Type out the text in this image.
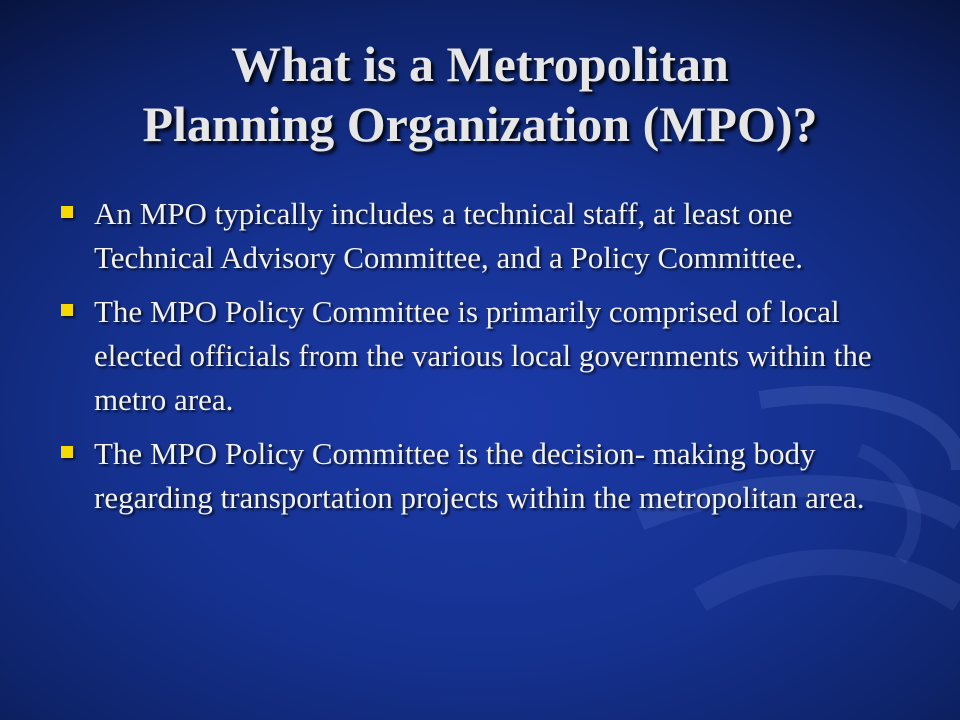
What is a Metropolitan
Planning Organization (MPO)?
An MPO typically includes a technical staff, at least one Technical Advisory Committee, and a Policy Committee.
The MPO Policy Committee is primarily comprised of local elected officials from the various local governments within the metro area.
The MPO Policy Committee is the decision- making body regarding transportation projects within the metropolitan area.
